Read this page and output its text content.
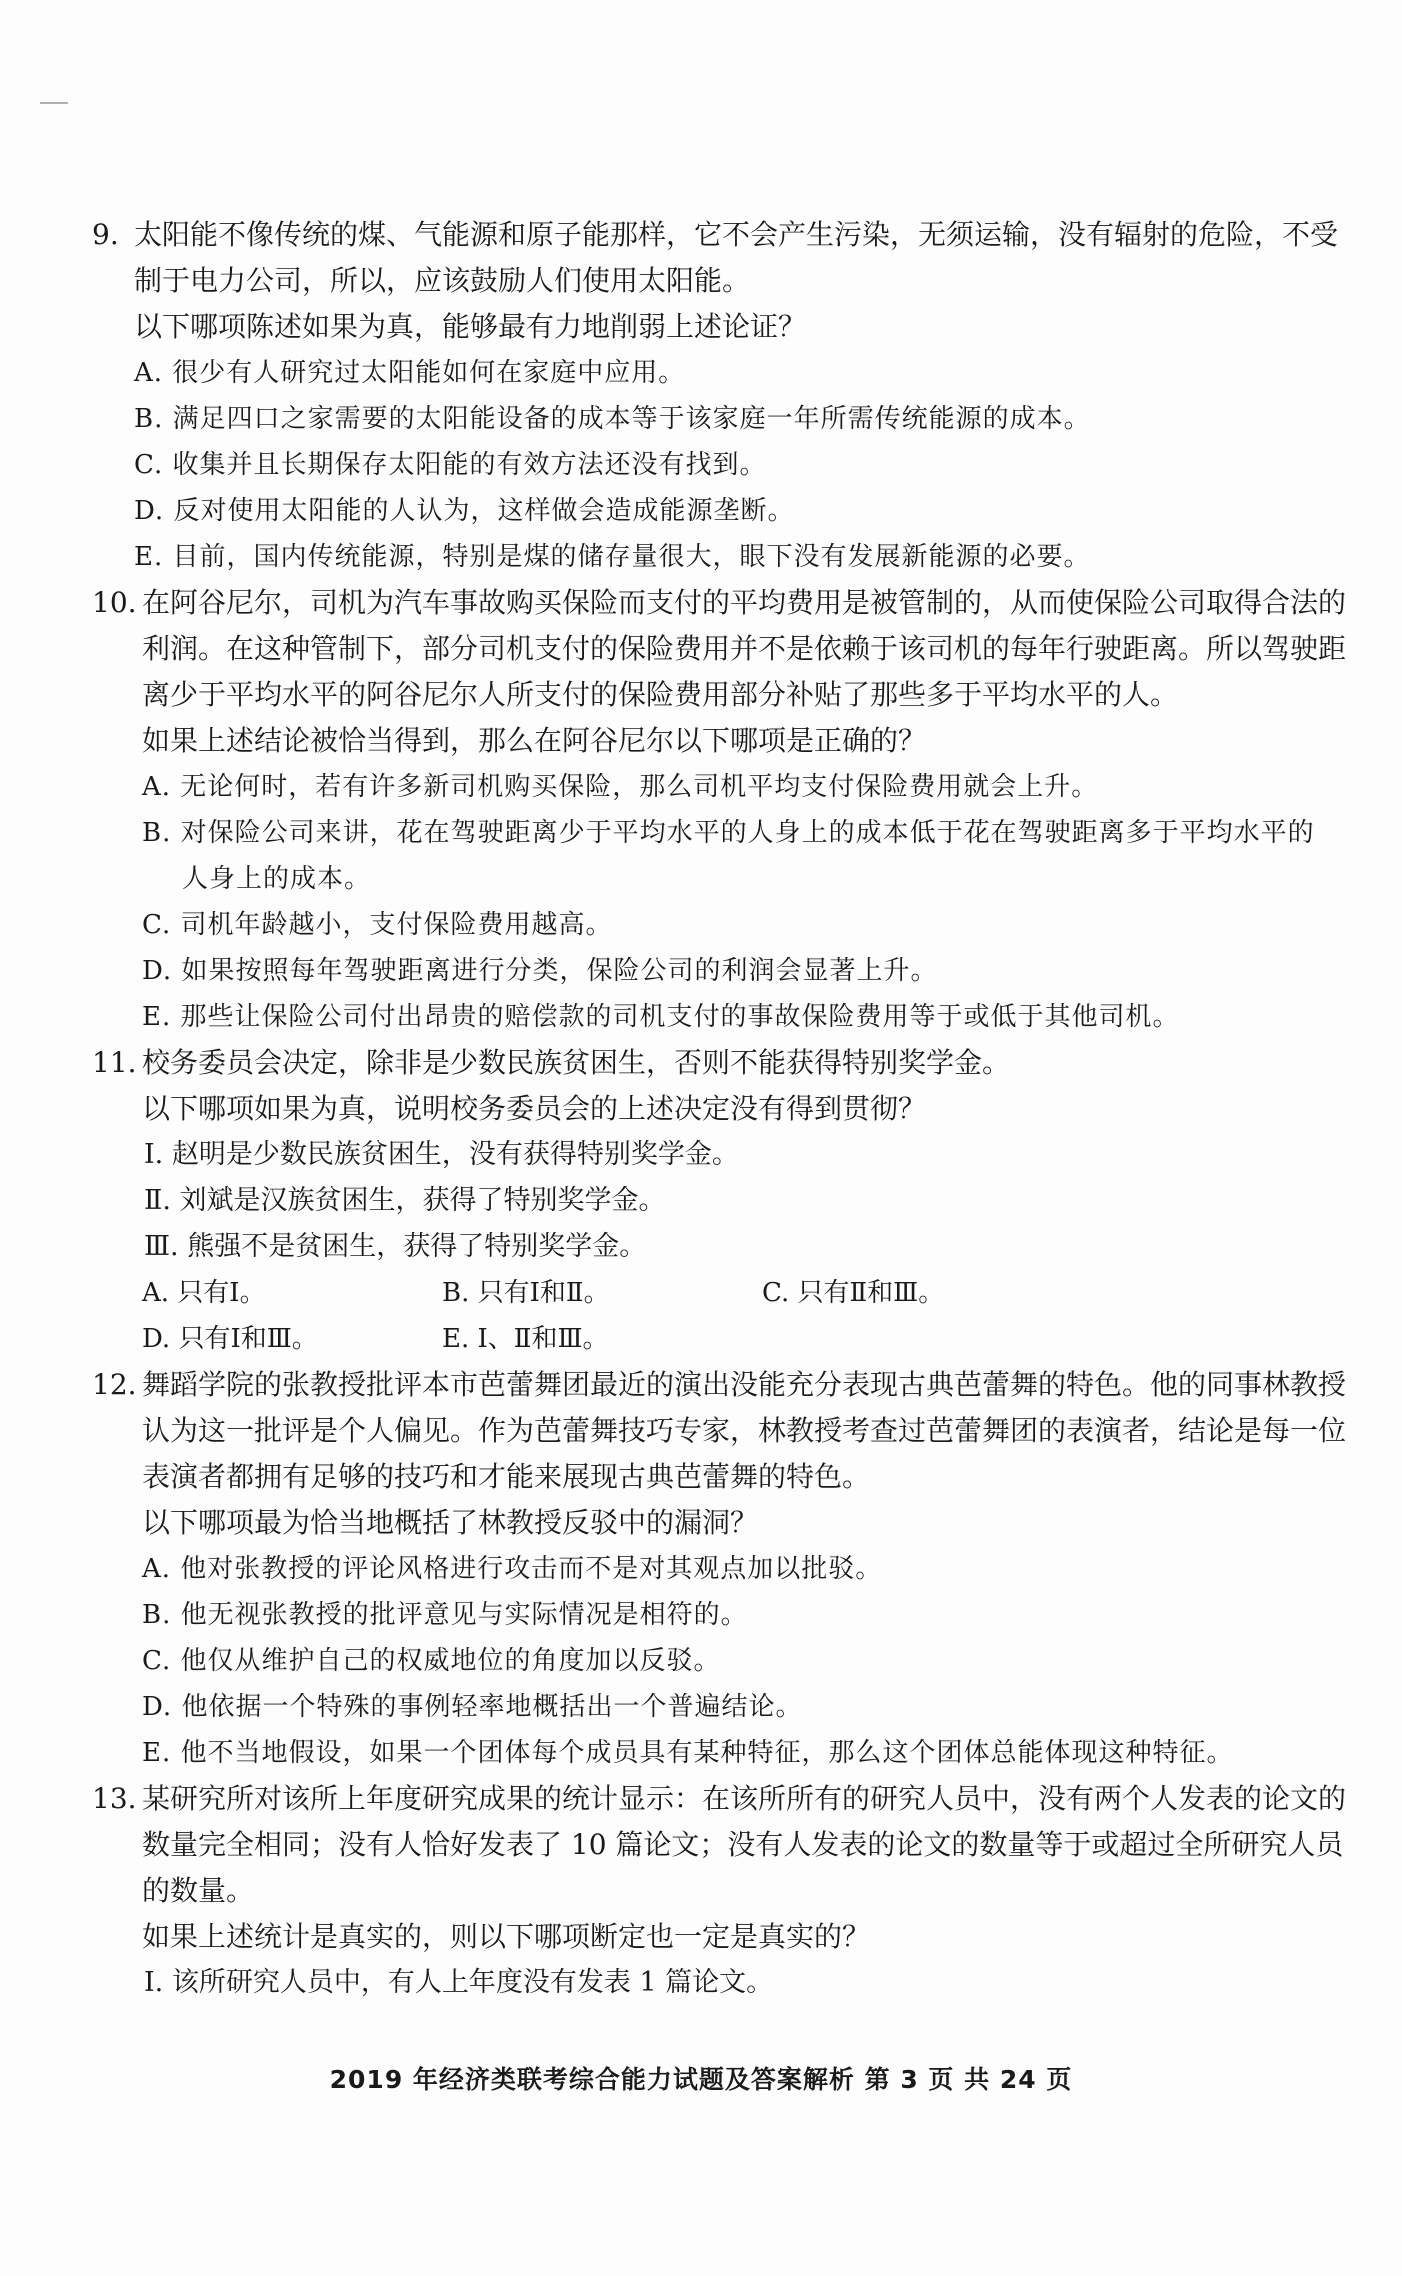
9. 太阳能不像传统的煤、气能源和原子能那样，它不会产生污染，无须运输，没有辐射的危险，不受
制于电力公司，所以，应该鼓励人们使用太阳能。
以下哪项陈述如果为真，能够最有力地削弱上述论证？
A. 很少有人研究过太阳能如何在家庭中应用。
B. 满足四口之家需要的太阳能设备的成本等于该家庭一年所需传统能源的成本。
C. 收集并且长期保存太阳能的有效方法还没有找到。
D. 反对使用太阳能的人认为，这样做会造成能源垄断。
E. 目前，国内传统能源，特别是煤的储存量很大，眼下没有发展新能源的必要。
10. 在阿谷尼尔，司机为汽车事故购买保险而支付的平均费用是被管制的，从而使保险公司取得合法的
利润。在这种管制下，部分司机支付的保险费用并不是依赖于该司机的每年行驶距离。所以驾驶距
离少于平均水平的阿谷尼尔人所支付的保险费用部分补贴了那些多于平均水平的人。
如果上述结论被恰当得到，那么在阿谷尼尔以下哪项是正确的？
A. 无论何时，若有许多新司机购买保险，那么司机平均支付保险费用就会上升。
B. 对保险公司来讲，花在驾驶距离少于平均水平的人身上的成本低于花在驾驶距离多于平均水平的
人身上的成本。
C. 司机年龄越小，支付保险费用越高。
D. 如果按照每年驾驶距离进行分类，保险公司的利润会显著上升。
E. 那些让保险公司付出昂贵的赔偿款的司机支付的事故保险费用等于或低于其他司机。
11. 校务委员会决定，除非是少数民族贫困生，否则不能获得特别奖学金。
以下哪项如果为真，说明校务委员会的上述决定没有得到贯彻？
Ⅰ. 赵明是少数民族贫困生，没有获得特别奖学金。
Ⅱ. 刘斌是汉族贫困生，获得了特别奖学金。
Ⅲ. 熊强不是贫困生，获得了特别奖学金。
A. 只有Ⅰ。	B. 只有Ⅰ和Ⅱ。	C. 只有Ⅱ和Ⅲ。
D. 只有Ⅰ和Ⅲ。	E. Ⅰ、Ⅱ和Ⅲ。
12. 舞蹈学院的张教授批评本市芭蕾舞团最近的演出没能充分表现古典芭蕾舞的特色。他的同事林教授
认为这一批评是个人偏见。作为芭蕾舞技巧专家，林教授考查过芭蕾舞团的表演者，结论是每一位
表演者都拥有足够的技巧和才能来展现古典芭蕾舞的特色。
以下哪项最为恰当地概括了林教授反驳中的漏洞？
A. 他对张教授的评论风格进行攻击而不是对其观点加以批驳。
B. 他无视张教授的批评意见与实际情况是相符的。
C. 他仅从维护自己的权威地位的角度加以反驳。
D. 他依据一个特殊的事例轻率地概括出一个普遍结论。
E. 他不当地假设，如果一个团体每个成员具有某种特征，那么这个团体总能体现这种特征。
13. 某研究所对该所上年度研究成果的统计显示：在该所所有的研究人员中，没有两个人发表的论文的
数量完全相同；没有人恰好发表了 10 篇论文；没有人发表的论文的数量等于或超过全所研究人员
的数量。
如果上述统计是真实的，则以下哪项断定也一定是真实的？
Ⅰ. 该所研究人员中，有人上年度没有发表 1 篇论文。
2019 年经济类联考综合能力试题及答案解析 第 3 页 共 24 页
